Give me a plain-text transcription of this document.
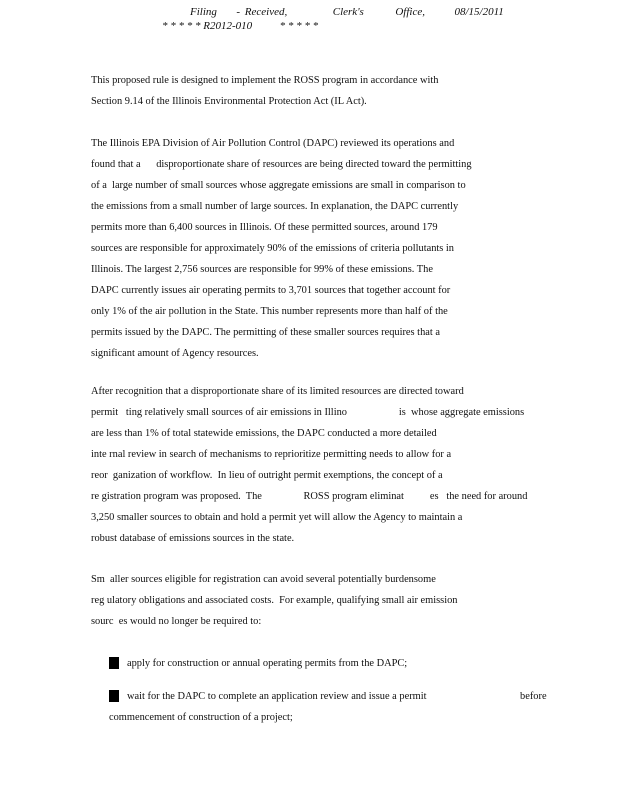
Filing - Received,	Clerk's	Office,	08/15/2011
* * * * * R2012-010          * * * * *

This proposed rule is designed to implement the ROSS program in accordance with
Section 9.14 of the Illinois Environmental Protection Act (IL Act).

The Illinois EPA Division of Air Pollution Control (DAPC) reviewed its operations and
found that a      disproportionate share of resources are being directed toward the permitting
of a  large number of small sources whose aggregate emissions are small in comparison to
the emissions from a small number of large sources. In explanation, the DAPC currently
permits more than 6,400 sources in Illinois. Of these permitted sources, around 179
sources are responsible for approximately 90% of the emissions of criteria pollutants in
Illinois. The largest 2,756 sources are responsible for 99% of these emissions. The
DAPC currently issues air operating permits to 3,701 sources that together account for
only 1% of the air pollution in the State. This number represents more than half of the
permits issued by the DAPC. The permitting of these smaller sources requires that a
significant amount of Agency resources.

After recognition that a disproportionate share of its limited resources are directed toward
permit   ting relatively small sources of air emissions in Illino                    is  whose aggregate emissions
are less than 1% of total statewide emissions, the DAPC conducted a more detailed
inte rnal review in search of mechanisms to reprioritize permitting needs to allow for a
reor  ganization of workflow.  In lieu of outright permit exemptions, the concept of a
re gistration program was proposed.  The                ROSS program eliminat          es   the need for around
3,250 smaller sources to obtain and hold a permit yet will allow the Agency to maintain a
robust database of emissions sources in the state.

Sm  aller sources eligible for registration can avoid several potentially burdensome
reg ulatory obligations and associated costs.  For example, qualifying small air emission
sourc  es would no longer be required to:

apply for construction or annual operating permits from the DAPC;
wait for the DAPC to complete an application review and issue a permit                                    before
commencement of construction of a project;
